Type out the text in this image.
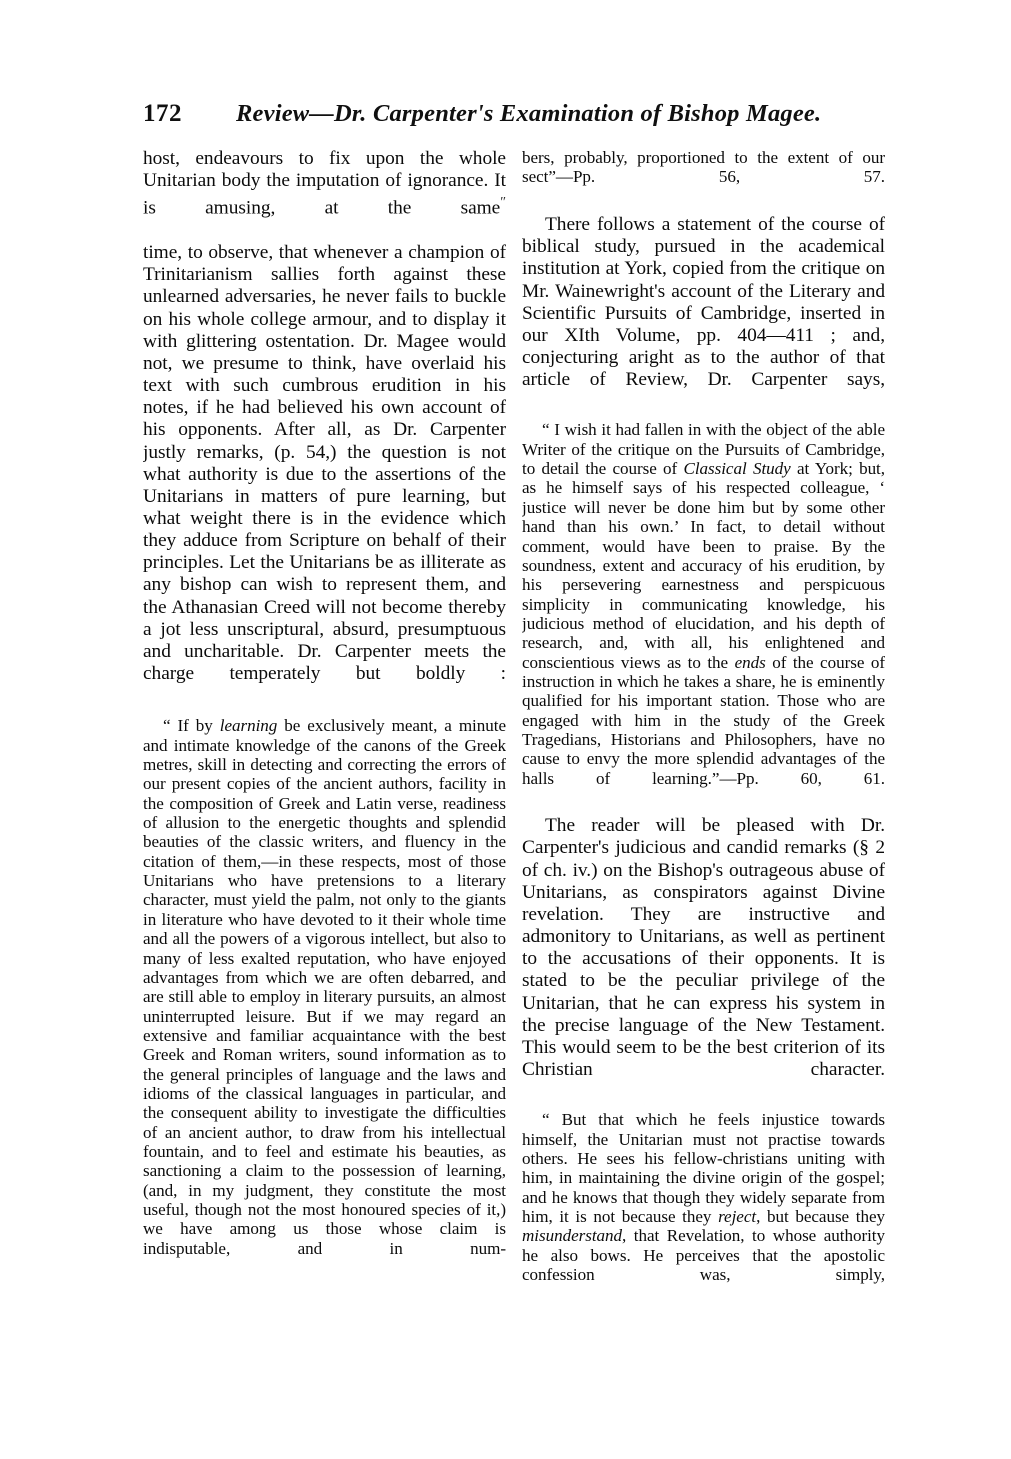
172 Review—Dr. Carpenter's Examination of Bishop Magee.

host, endeavours to fix upon the whole Unitarian body the imputation of ignorance. It is amusing, at the same″

time, to observe, that whenever a champion of Trinitarianism sallies forth against these unlearned adversaries, he never fails to buckle on his whole college armour, and to display it with glittering ostentation. Dr. Magee would not, we presume to think, have overlaid his text with such cumbrous erudition in his notes, if he had believed his own account of his opponents. After all, as Dr. Carpenter justly remarks, (p. 54,) the question is not what authority is due to the assertions of the Unitarians in matters of pure learning, but what weight there is in the evidence which they adduce from Scripture on behalf of their principles. Let the Unitarians be as illiterate as any bishop can wish to represent them, and the Athanasian Creed will not become thereby a jot less unscriptural, absurd, presumptuous and uncharitable. Dr. Carpenter meets the charge temperately but boldly :

“ If by learning be exclusively meant, a minute and intimate knowledge of the canons of the Greek metres, skill in detecting and correcting the errors of our present copies of the ancient authors, facility in the composition of Greek and Latin verse, readiness of allusion to the energetic thoughts and splendid beauties of the classic writers, and fluency in the citation of them,—in these respects, most of those Unitarians who have pretensions to a literary character, must yield the palm, not only to the giants in literature who have devoted to it their whole time and all the powers of a vigorous intellect, but also to many of less exalted reputation, who have enjoyed advantages from which we are often debarred, and are still able to employ in literary pursuits, an almost uninterrupted leisure. But if we may regard an extensive and familiar acquaintance with the best Greek and Roman writers, sound information as to the general principles of language and the laws and idioms of the classical languages in particular, and the consequent ability to investigate the difficulties of an ancient author, to draw from his intellectual fountain, and to feel and estimate his beauties, as sanctioning a claim to the possession of learning, (and, in my judgment, they constitute the most useful, though not the most honoured species of it,) we have among us those whose claim is indisputable, and in num-

bers, probably, proportioned to the extent of our sect”—Pp. 56, 57.

There follows a statement of the course of biblical study, pursued in the academical institution at York, copied from the critique on Mr. Wainewright's account of the Literary and Scientific Pursuits of Cambridge, inserted in our XIth Volume, pp. 404—411 ; and, conjecturing aright as to the author of that article of Review, Dr. Carpenter says,

“ I wish it had fallen in with the object of the able Writer of the critique on the Pursuits of Cambridge, to detail the course of Classical Study at York; but, as he himself says of his respected colleague, ‘ justice will never be done him but by some other hand than his own.’ In fact, to detail without comment, would have been to praise. By the soundness, extent and accuracy of his erudition, by his persevering earnestness and perspicuous simplicity in communicating knowledge, his judicious method of elucidation, and his depth of research, and, with all, his enlightened and conscientious views as to the ends of the course of instruction in which he takes a share, he is eminently qualified for his important station. Those who are engaged with him in the study of the Greek Tragedians, Historians and Philosophers, have no cause to envy the more splendid advantages of the halls of learning.”—Pp. 60, 61.

The reader will be pleased with Dr. Carpenter's judicious and candid remarks (§ 2 of ch. iv.) on the Bishop's outrageous abuse of Unitarians, as conspirators against Divine revelation. They are instructive and admonitory to Unitarians, as well as pertinent to the accusations of their opponents. It is stated to be the peculiar privilege of the Unitarian, that he can express his system in the precise language of the New Testament. This would seem to be the best criterion of its Christian character.

“ But that which he feels injustice towards himself, the Unitarian must not practise towards others. He sees his fellow-christians uniting with him, in maintaining the divine origin of the gospel; and he knows that though they widely separate from him, it is not because they reject, but because they misunderstand, that Revelation, to whose authority he also bows. He perceives that the apostolic confession was, simply,
